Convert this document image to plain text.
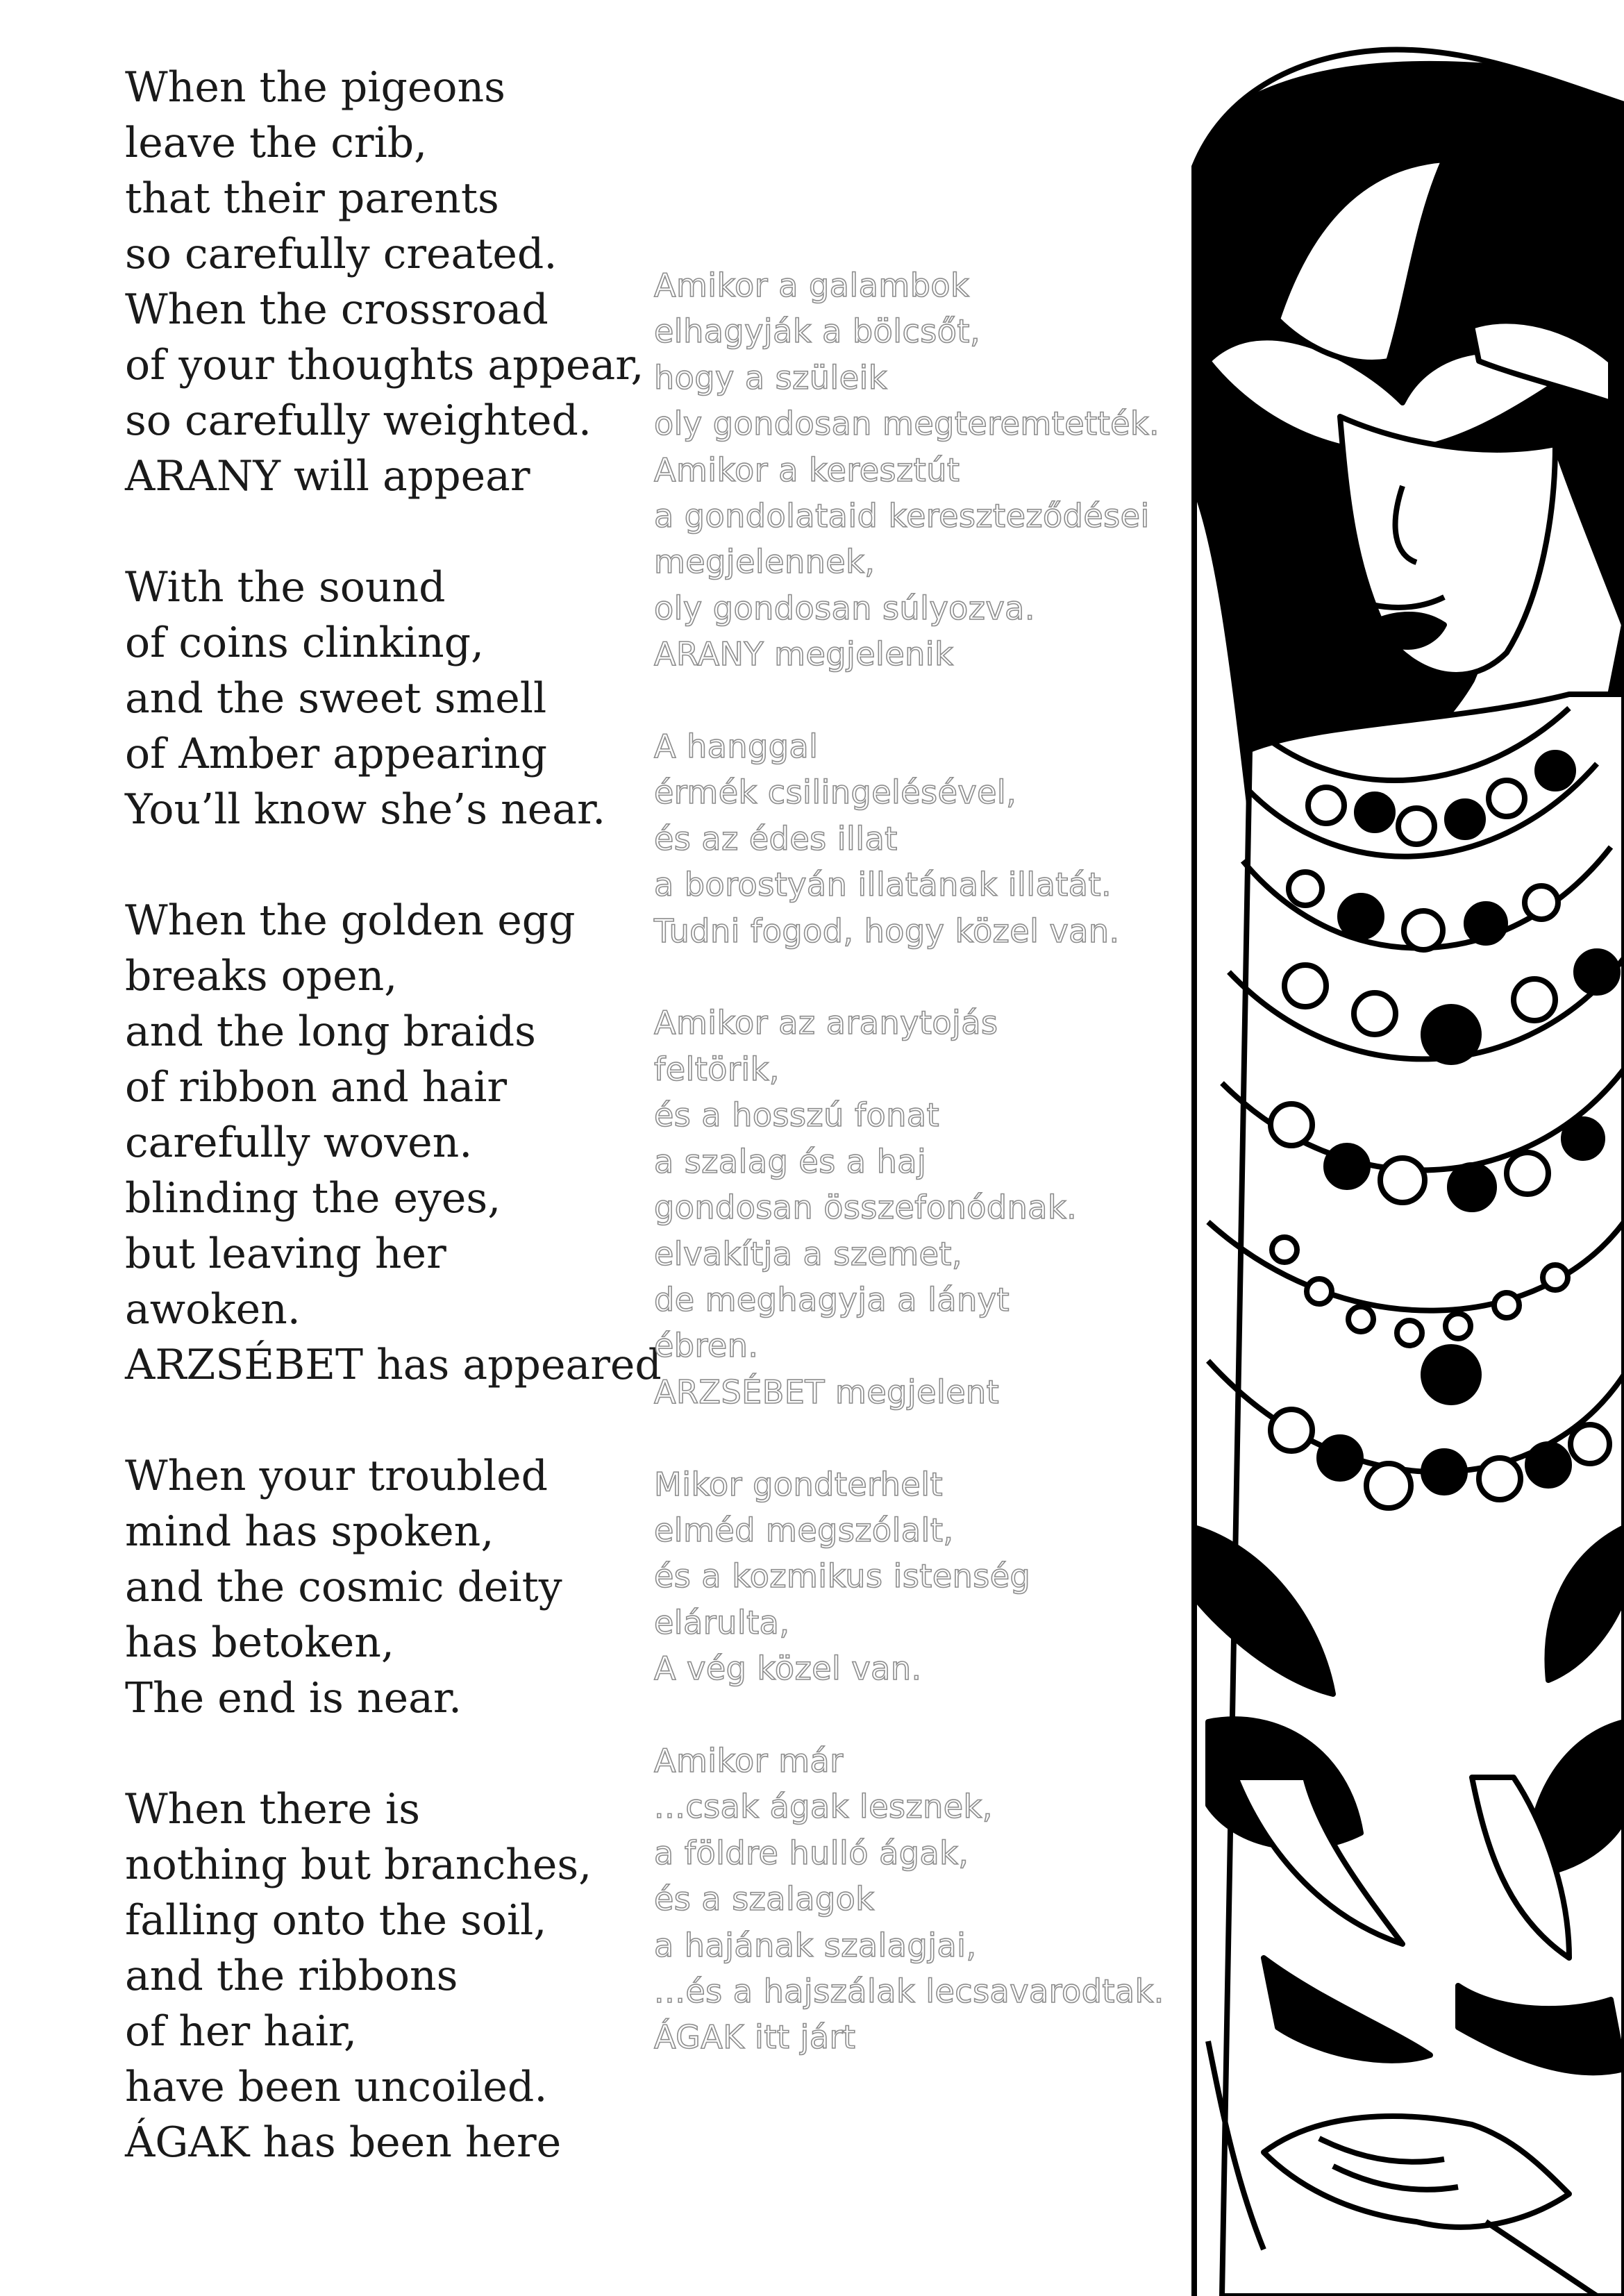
When the pigeons
leave the crib,
that their parents
so carefully created.
When the crossroad
of your thoughts appear,
so carefully weighted.
ARANY will appear

With the sound
of coins clinking,
and the sweet smell
of Amber appearing
You’ll know she’s near.

When the golden egg
breaks open,
and the long braids
of ribbon and hair
carefully woven.
blinding the eyes,
but leaving her
awoken.
ARZSÉBET has appeared

When your troubled
mind has spoken,
and the cosmic deity
has betoken,
The end is near.

When there is
nothing but branches,
falling onto the soil,
and the ribbons
of her hair,
have been uncoiled.
ÁGAK has been here

Amikor a galambok
elhagyják a bölcsőt,
hogy a szüleik
oly gondosan megteremtették.
Amikor a keresztút
a gondolataid kereszteződései
megjelennek,
oly gondosan súlyozva.
ARANY megjelenik

A hanggal
érmék csilingelésével,
és az édes illat
a borostyán illatának illatát.
Tudni fogod, hogy közel van.

Amikor az aranytojás
feltörik,
és a hosszú fonat
a szalag és a haj
gondosan összefonódnak.
elvakítja a szemet,
de meghagyja a lányt
ébren.
ARZSÉBET megjelent

Mikor gondterhelt
elméd megszólalt,
és a kozmikus istenség
elárulta,
A vég közel van.

Amikor már
...csak ágak lesznek,
a földre hulló ágak,
és a szalagok
a hajának szalagjai,
...és a hajszálak lecsavarodtak.
ÁGAK itt járt
